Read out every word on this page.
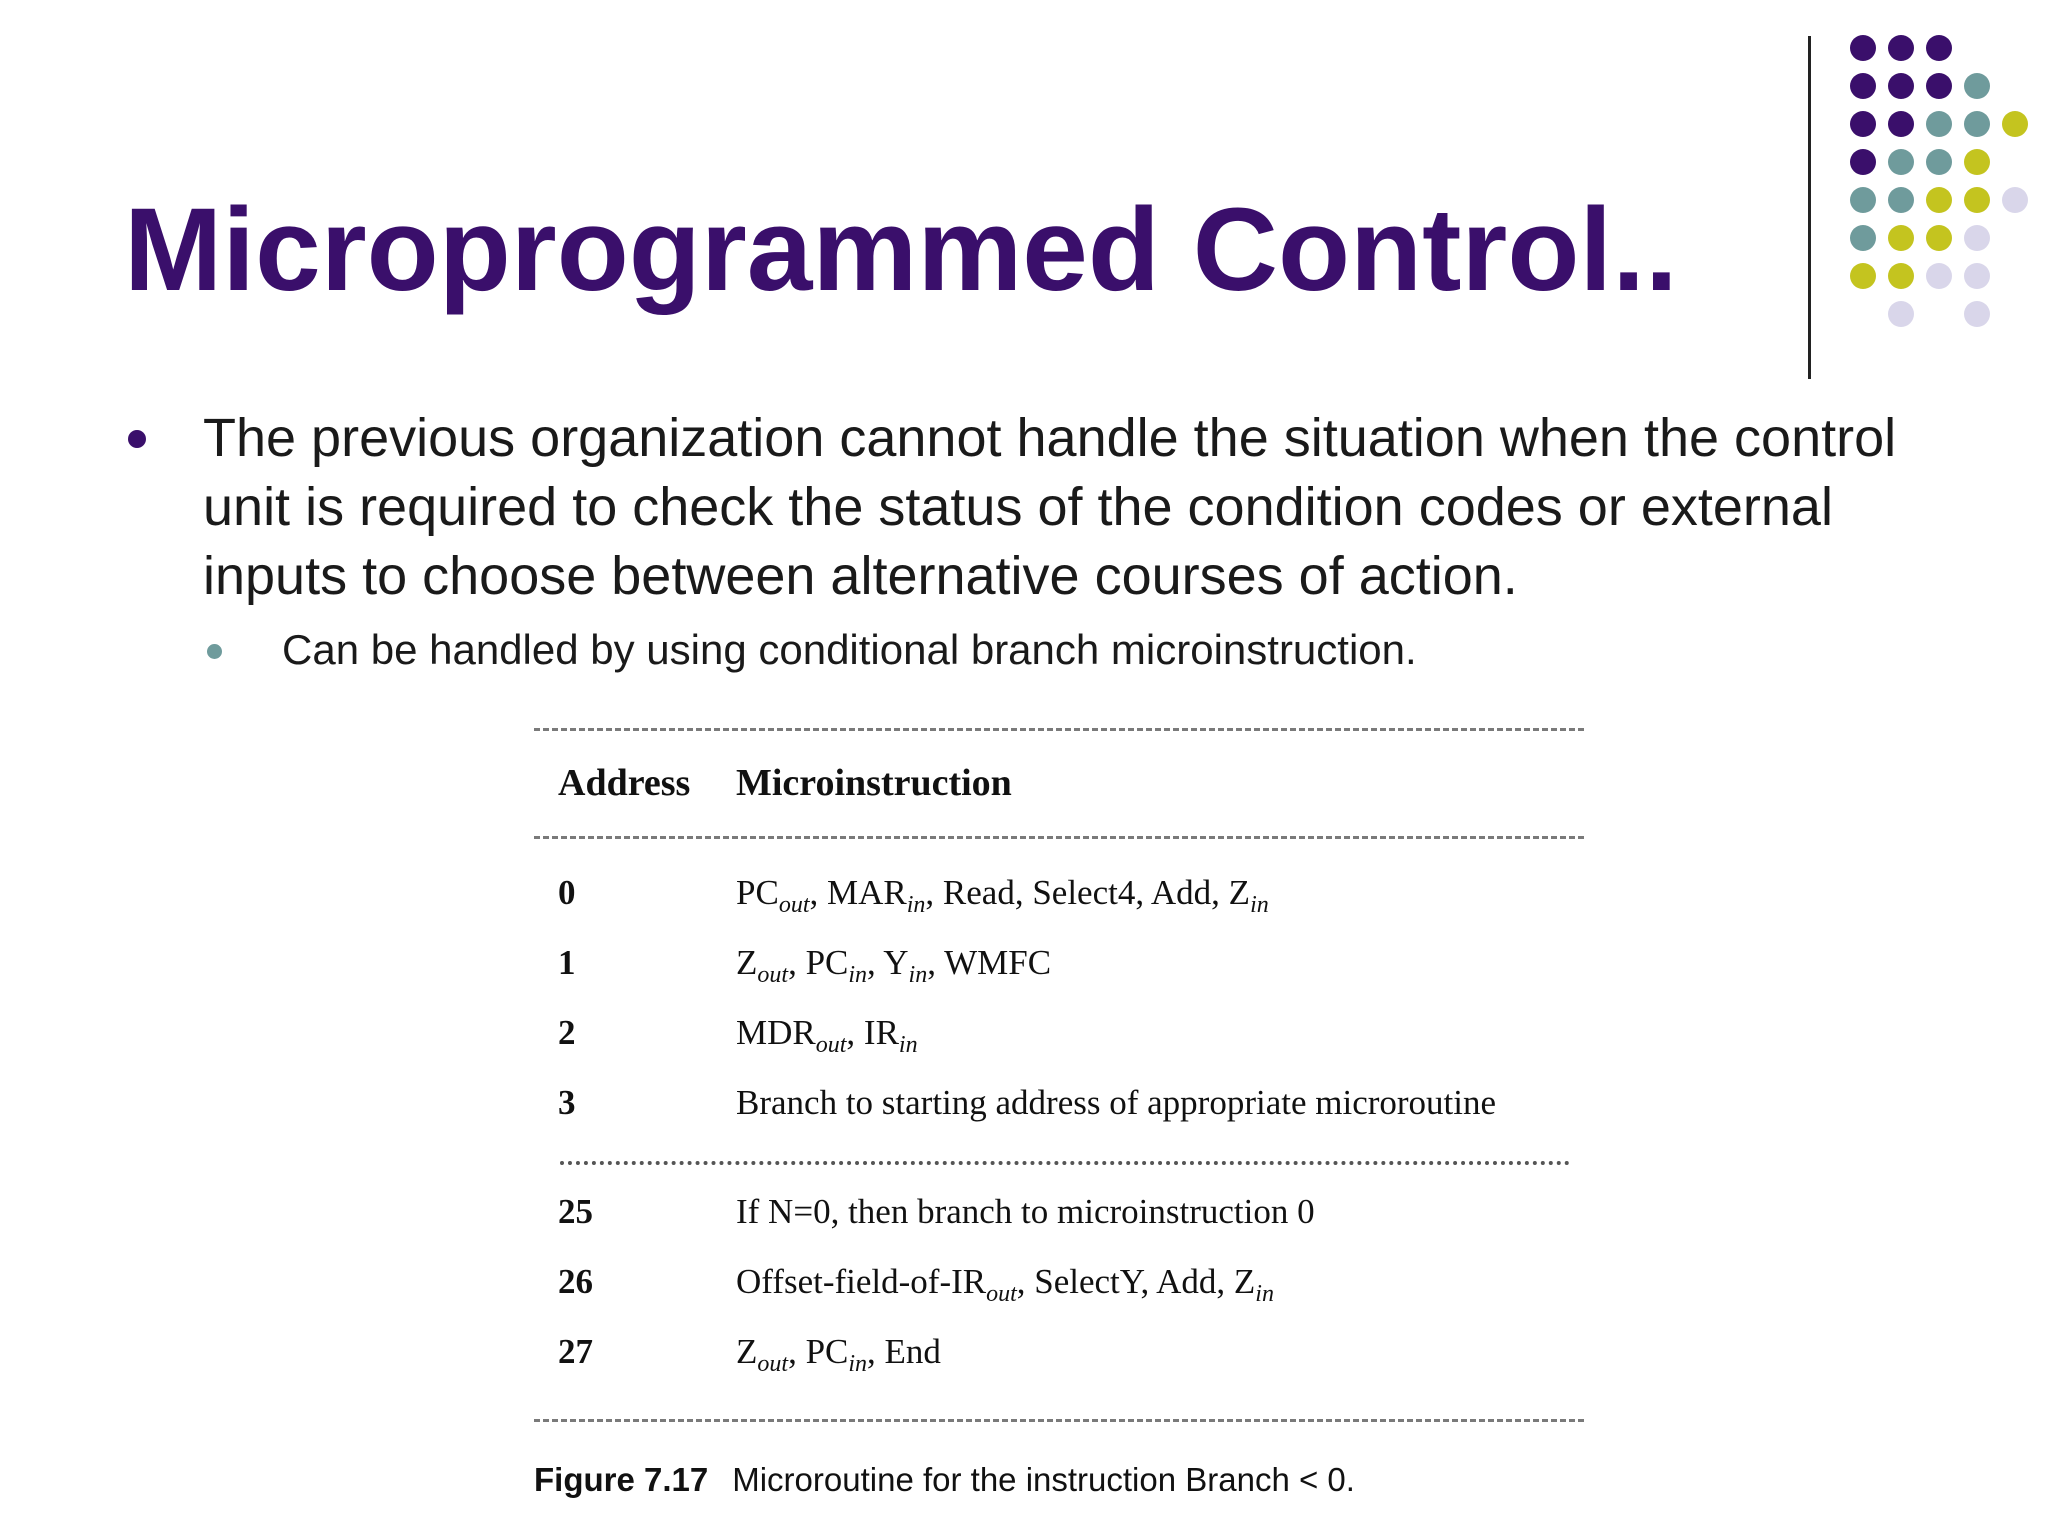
Microprogrammed Control..
The previous organization cannot handle the situation when the control unit is required to check the status of the condition codes or external inputs to choose between alternative courses of action.
Can be handled by using conditional branch microinstruction.
Address Microinstruction
0	$PC_{out}$, $MAR_{in}$, Read, Select4, Add, $Z_{in}$
1	$Z_{out}$, $PC_{in}$, $Y_{in}$, WMFC
2	$MDR_{out}$, $IR_{in}$
3	Branch to starting address of appropriate microroutine
25	If N=0, then branch to microinstruction 0
26	Offset-$field-of-IR_{out}$, SelectY, Add, $Z_{in}$
27	$Z_{out}$, $PC_{in}$, End
Figure 7.17 Microroutine for the instruction Branch < 0.
